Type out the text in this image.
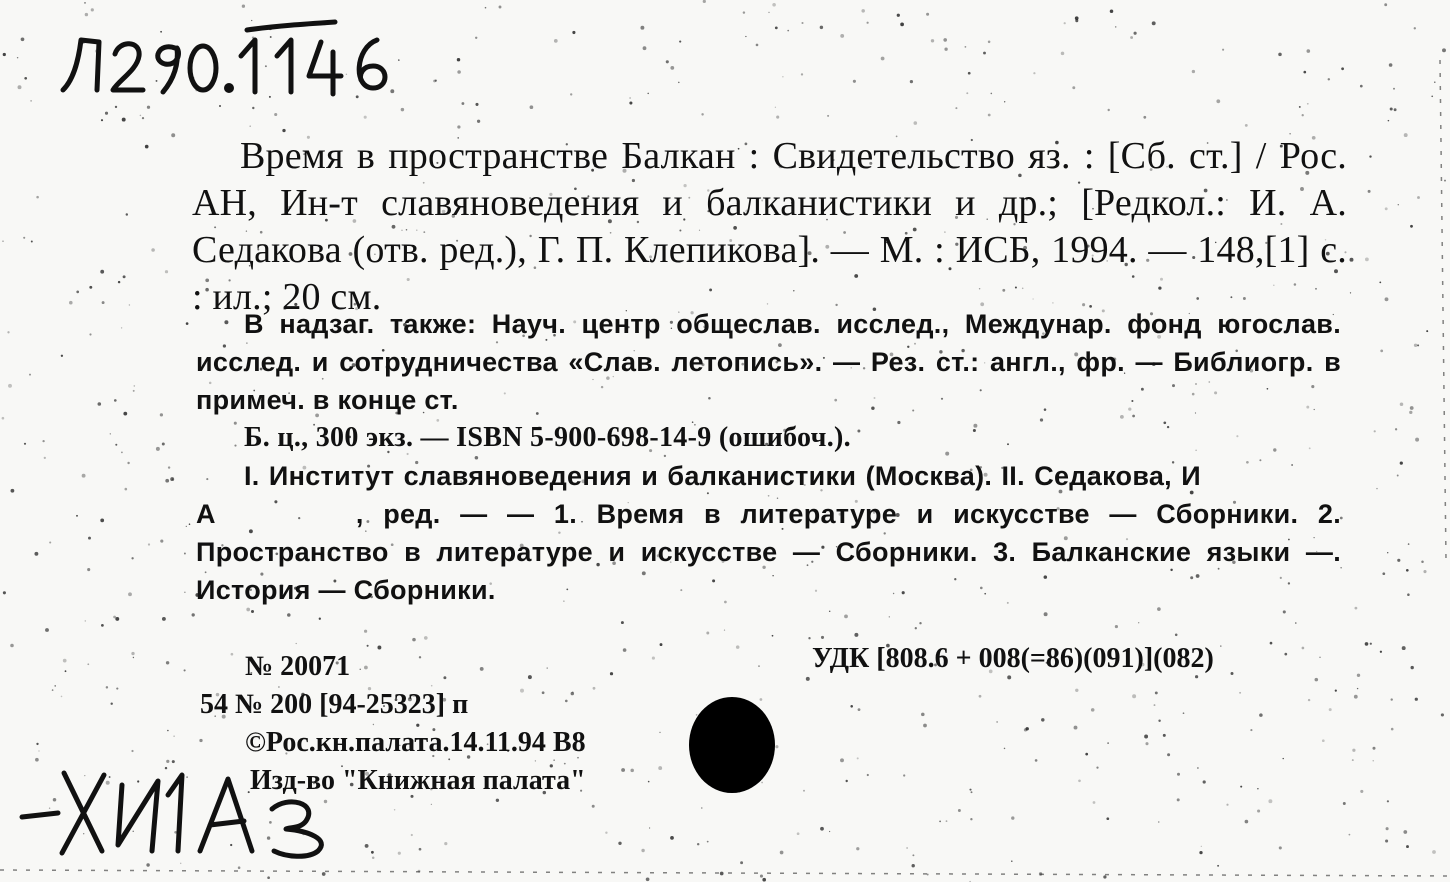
Время в пространстве Балкан : Свидетельство яз. : [Сб. ст.] / Рос. АН, Ин-т славяноведения и балканистики и др.; [Редкол.: И. А. Седакова (отв. ред.), Г. П. Клепикова]. — М. : ИСБ, 1994. — 148,[1] с. : ил.; 20 см.

В надзаг. также: Науч. центр общеслав. исслед., Междунар. фонд югослав. исслед. и сотрудничества «Слав. летопись». — Рез. ст.: англ., фр. — Библиогр. в примеч. в конце ст.

Б. ц., 300 экз. — ISBN 5-900-698-14-9 (ошибоч.).

I. Институт славяноведения и балканистики (Москва). II. Седакова, ИА	, ред. — — 1. Время в литературе и искусстве — Сборники. 2. Пространство в литературе и искусстве — Сборники. 3. Балканские языки —. История — Сборники.

№ 20071
54 № 200 [94-25323] п
©Рос.кн.палата.14.11.94 В8
Изд-во "Книжная палата"
УДК [808.6 + 008(=86)(091)](082)
